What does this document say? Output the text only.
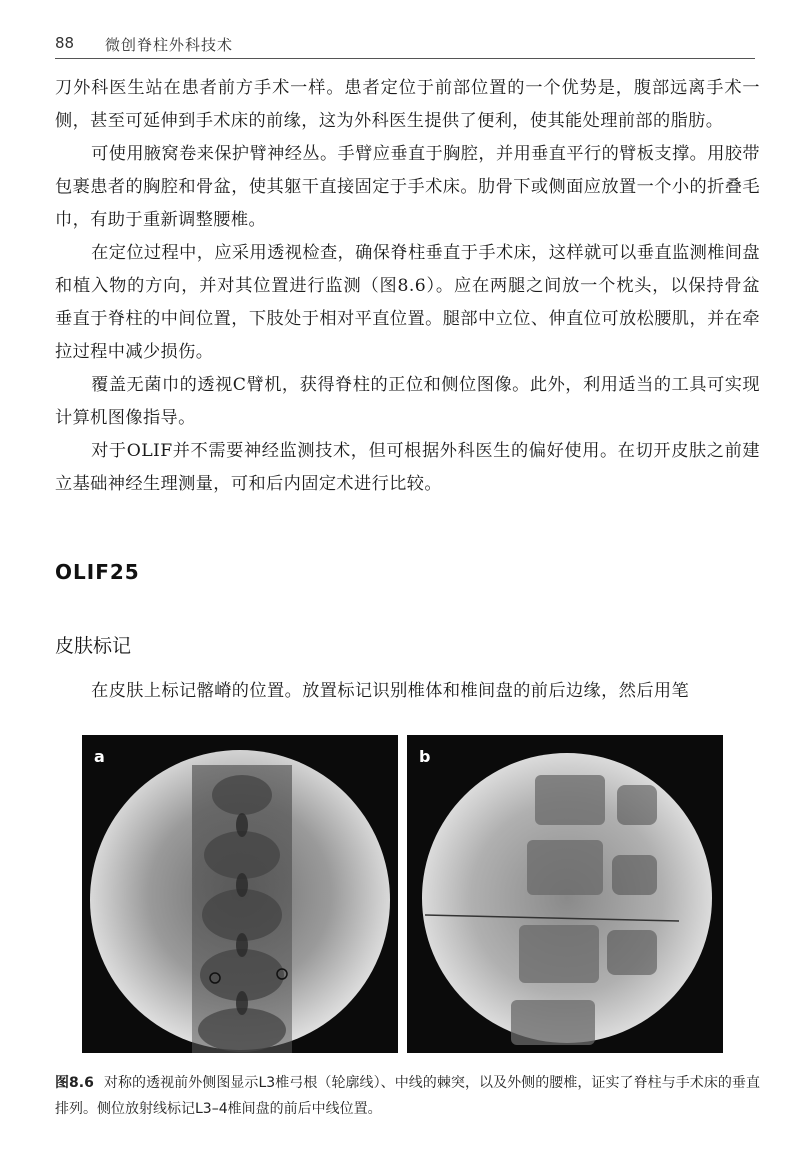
88 微创脊柱外科技术

刀外科医生站在患者前方手术一样。患者定位于前部位置的一个优势是，腹部远离手术一侧，甚至可延伸到手术床的前缘，这为外科医生提供了便利，使其能处理前部的脂肪。

可使用腋窝卷来保护臂神经丛。手臂应垂直于胸腔，并用垂直平行的臂板支撑。用胶带包裹患者的胸腔和骨盆，使其躯干直接固定于手术床。肋骨下或侧面应放置一个小的折叠毛巾，有助于重新调整腰椎。

在定位过程中，应采用透视检查，确保脊柱垂直于手术床，这样就可以垂直监测椎间盘和植入物的方向，并对其位置进行监测（图8.6）。应在两腿之间放一个枕头，以保持骨盆垂直于脊柱的中间位置，下肢处于相对平直位置。腿部中立位、伸直位可放松腰肌，并在牵拉过程中减少损伤。

覆盖无菌巾的透视C臂机，获得脊柱的正位和侧位图像。此外，利用适当的工具可实现计算机图像指导。

对于OLIF并不需要神经监测技术，但可根据外科医生的偏好使用。在切开皮肤之前建立基础神经生理测量，可和后内固定术进行比较。

OLIF25
皮肤标记

在皮肤上标记髂嵴的位置。放置标记识别椎体和椎间盘的前后边缘，然后用笔

a	b
图8.6 对称的透视前外侧图显示L3椎弓根（轮廓线）、中线的棘突，以及外侧的腰椎，证实了脊柱与手术床的垂直排列。侧位放射线标记L3–4椎间盘的前后中线位置。
